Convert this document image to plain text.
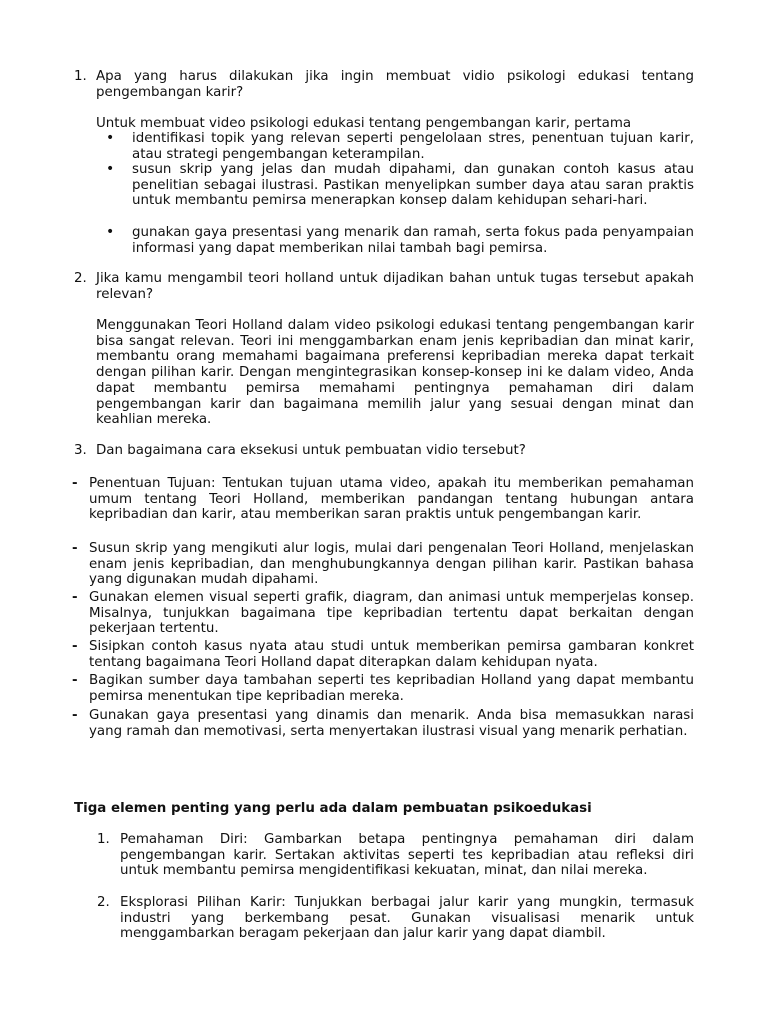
1. Apa yang harus dilakukan jika ingin membuat vidio psikologi edukasi tentang pengembangan karir?

Untuk membuat video psikologi edukasi tentang pengembangan karir, pertama

• identifikasi topik yang relevan seperti pengelolaan stres, penentuan tujuan karir, atau strategi pengembangan keterampilan.

• susun skrip yang jelas dan mudah dipahami, dan gunakan contoh kasus atau penelitian sebagai ilustrasi. Pastikan menyelipkan sumber daya atau saran praktis untuk membantu pemirsa menerapkan konsep dalam kehidupan sehari-hari.

• gunakan gaya presentasi yang menarik dan ramah, serta fokus pada penyampaian informasi yang dapat memberikan nilai tambah bagi pemirsa.

2. Jika kamu mengambil teori holland untuk dijadikan bahan untuk tugas tersebut apakah relevan?

Menggunakan Teori Holland dalam video psikologi edukasi tentang pengembangan karir bisa sangat relevan. Teori ini menggambarkan enam jenis kepribadian dan minat karir, membantu orang memahami bagaimana preferensi kepribadian mereka dapat terkait dengan pilihan karir. Dengan mengintegrasikan konsep-konsep ini ke dalam video, Anda dapat membantu pemirsa memahami pentingnya pemahaman diri dalam pengembangan karir dan bagaimana memilih jalur yang sesuai dengan minat dan keahlian mereka.

3. Dan bagaimana cara eksekusi untuk pembuatan vidio tersebut?

- Penentuan Tujuan: Tentukan tujuan utama video, apakah itu memberikan pemahaman umum tentang Teori Holland, memberikan pandangan tentang hubungan antara kepribadian dan karir, atau memberikan saran praktis untuk pengembangan karir.

- Susun skrip yang mengikuti alur logis, mulai dari pengenalan Teori Holland, menjelaskan enam jenis kepribadian, dan menghubungkannya dengan pilihan karir. Pastikan bahasa yang digunakan mudah dipahami.

- Gunakan elemen visual seperti grafik, diagram, dan animasi untuk memperjelas konsep. Misalnya, tunjukkan bagaimana tipe kepribadian tertentu dapat berkaitan dengan pekerjaan tertentu.

- Sisipkan contoh kasus nyata atau studi untuk memberikan pemirsa gambaran konkret tentang bagaimana Teori Holland dapat diterapkan dalam kehidupan nyata.

- Bagikan sumber daya tambahan seperti tes kepribadian Holland yang dapat membantu pemirsa menentukan tipe kepribadian mereka.

- Gunakan gaya presentasi yang dinamis dan menarik. Anda bisa memasukkan narasi yang ramah dan memotivasi, serta menyertakan ilustrasi visual yang menarik perhatian.

Tiga elemen penting yang perlu ada dalam pembuatan psikoedukasi

1. Pemahaman Diri: Gambarkan betapa pentingnya pemahaman diri dalam pengembangan karir. Sertakan aktivitas seperti tes kepribadian atau refleksi diri untuk membantu pemirsa mengidentifikasi kekuatan, minat, dan nilai mereka.

2. Eksplorasi Pilihan Karir: Tunjukkan berbagai jalur karir yang mungkin, termasuk industri yang berkembang pesat. Gunakan visualisasi menarik untuk menggambarkan beragam pekerjaan dan jalur karir yang dapat diambil.
